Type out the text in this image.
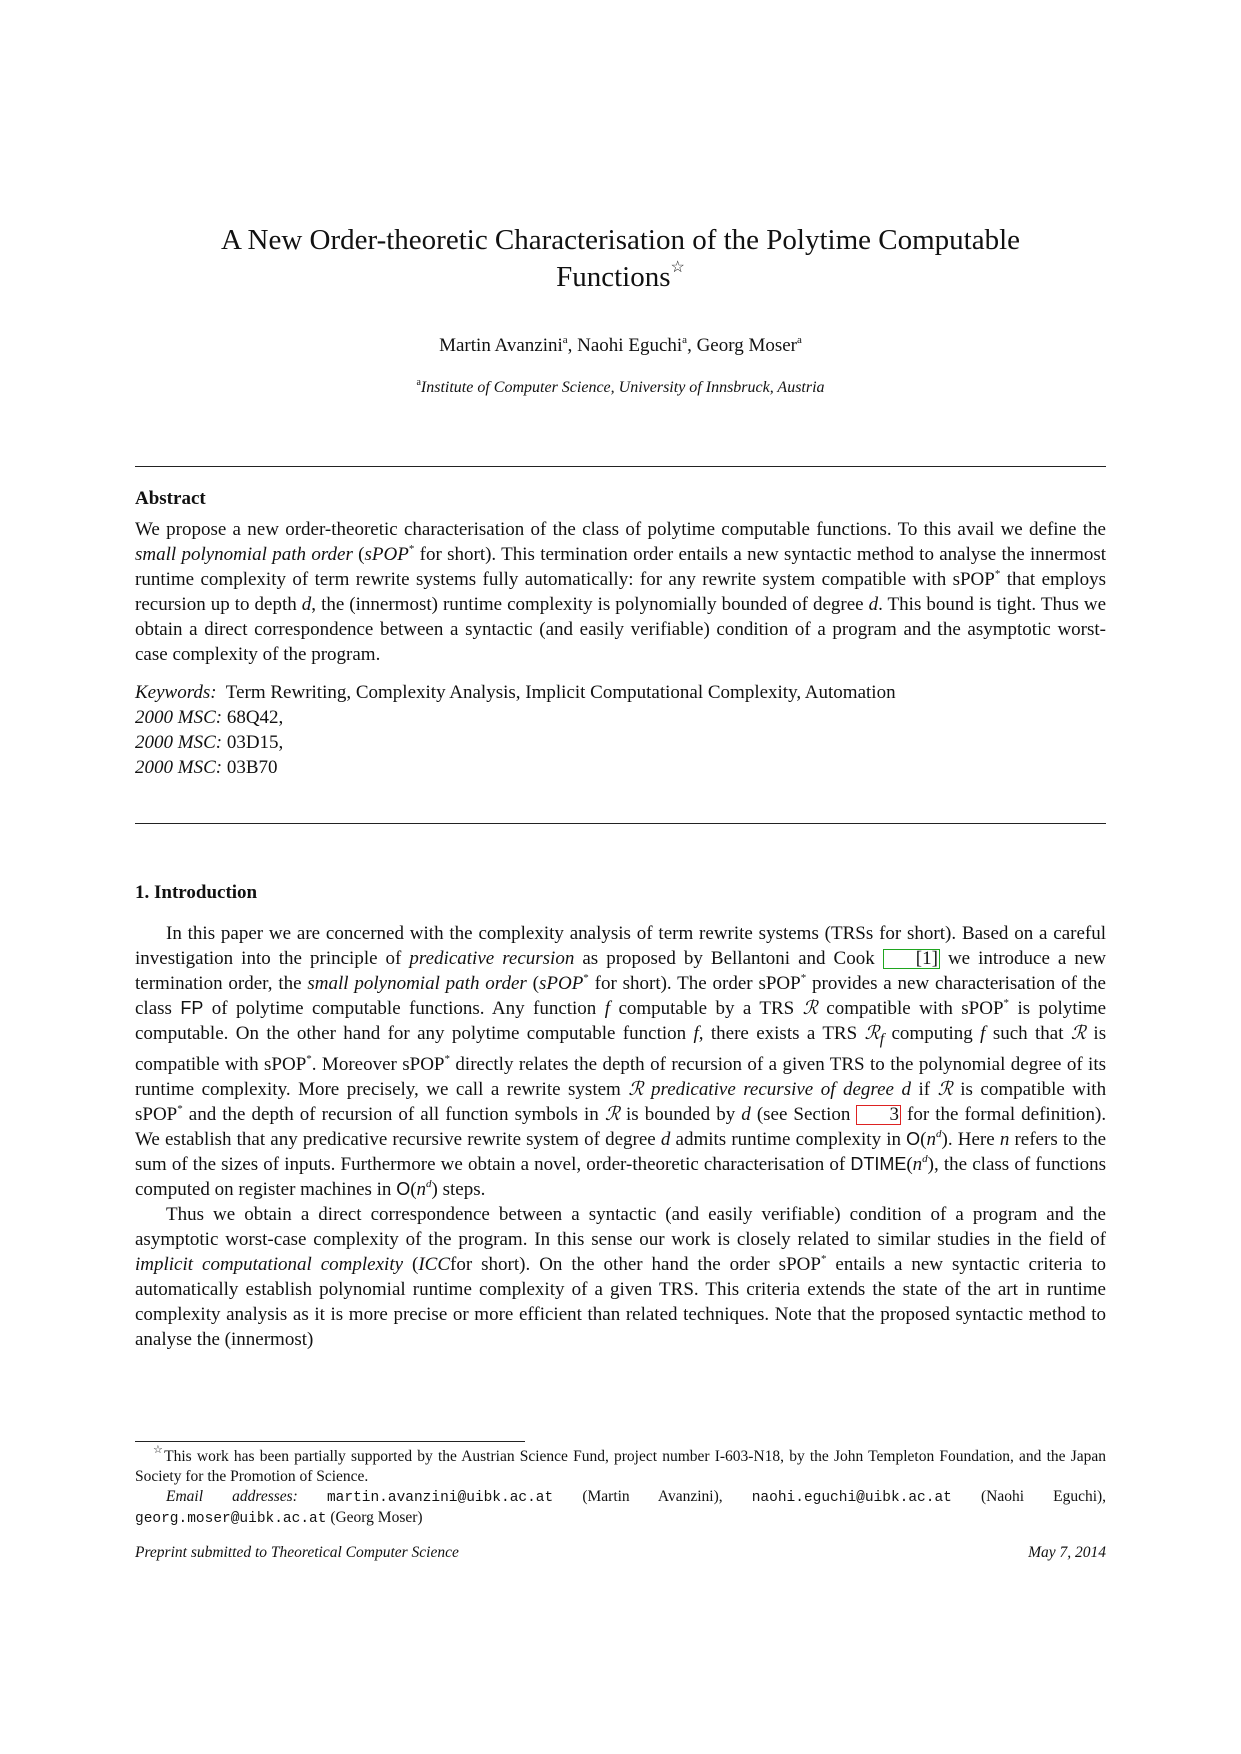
A New Order-theoretic Characterisation of the Polytime Computable
Functions☆
Martin Avanzini$^a$, Naohi Eguchi$^a$, Georg Moser$^a$
$^a$Institute of Computer Science, University of Innsbruck, Austria
Abstract

We propose a new order-theoretic characterisation of the class of polytime computable functions. To this avail we define the small polynomial path order (sPOP* for short). This termination order entails a new syntactic method to analyse the innermost runtime complexity of term rewrite systems fully automatically: for any rewrite system compatible with sPOP* that employs recursion up to depth d, the (innermost) runtime complexity is polynomially bounded of degree d. This bound is tight. Thus we obtain a direct correspondence between a syntactic (and easily verifiable) condition of a program and the asymptotic worst-case complexity of the program.

Keywords: Term Rewriting, Complexity Analysis, Implicit Computational Complexity, Automation
2000 MSC: 68Q42,
2000 MSC: 03D15,
2000 MSC: 03B70

1. Introduction

In this paper we are concerned with the complexity analysis of term rewrite systems (TRSs for short). Based on a careful investigation into the principle of predicative recursion as proposed by Bellantoni and Cook [1] we introduce a new termination order, the small polynomial path order (sPOP* for short). The order sPOP* provides a new characterisation of the class FP of polytime computable functions. Any function f computable by a TRS ℛ compatible with sPOP* is polytime computable. On the other hand for any polytime computable function f, there exists a TRS ℛ$_f$ computing f such that ℛ is compatible with sPOP*. Moreover sPOP* directly relates the depth of recursion of a given TRS to the polynomial degree of its runtime complexity. More precisely, we call a rewrite system ℛ predicative recursive of degree d if ℛ is compatible with sPOP* and the depth of recursion of all function symbols in ℛ is bounded by d (see Section 3 for the formal definition). We establish that any predicative recursive rewrite system of degree d admits runtime complexity in $O(n^d)$. Here n refers to the sum of the sizes of inputs. Furthermore we obtain a novel, order-theoretic characterisation of $DTIME(n^d)$, the class of functions computed on register machines in $O(n^d)$ steps.

Thus we obtain a direct correspondence between a syntactic (and easily verifiable) condition of a program and the asymptotic worst-case complexity of the program. In this sense our work is closely related to similar studies in the field of implicit computational complexity (ICCfor short). On the other hand the order sPOP* entails a new syntactic criteria to automatically establish polynomial runtime complexity of a given TRS. This criteria extends the state of the art in runtime complexity analysis as it is more precise or more efficient than related techniques. Note that the proposed syntactic method to analyse the (innermost)

☆This work has been partially supported by the Austrian Science Fund, project number I-603-N18, by the John Templeton Foundation, and the Japan Society for the Promotion of Science.

Email addresses: martin.avanzini@uibk.ac.at (Martin Avanzini), naohi.eguchi@uibk.ac.at (Naohi Eguchi), georg.moser@uibk.ac.at (Georg Moser)

Preprint submitted to Theoretical Computer Science	May 7, 2014
